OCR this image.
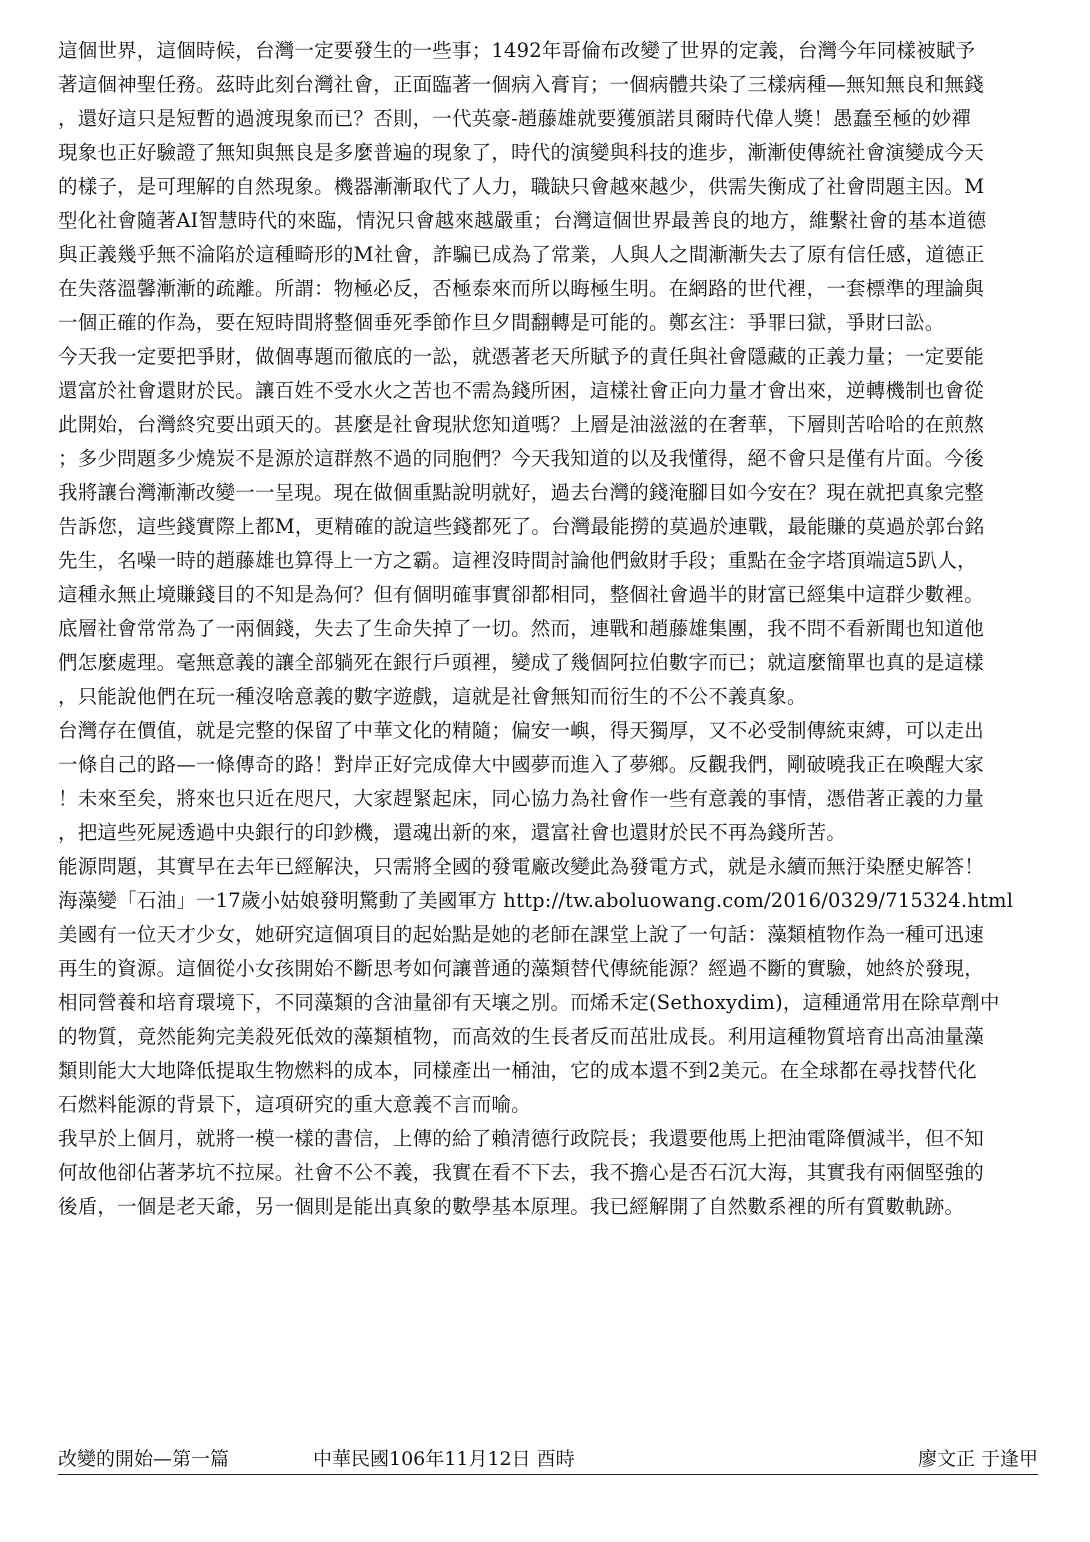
這個世界，這個時候，台灣一定要發生的一些事；1492年哥倫布改變了世界的定義，台灣今年同樣被賦予
著這個神聖任務。茲時此刻台灣社會，正面臨著一個病入膏肓；一個病體共染了三樣病種—無知無良和無錢
，還好這只是短暫的過渡現象而已？否則，一代英豪-趙藤雄就要獲頒諾貝爾時代偉人獎！愚蠢至極的妙禪
現象也正好驗證了無知與無良是多麼普遍的現象了，時代的演變與科技的進步，漸漸使傳統社會演變成今天
的樣子，是可理解的自然現象。機器漸漸取代了人力，職缺只會越來越少，供需失衡成了社會問題主因。M
型化社會隨著AI智慧時代的來臨，情況只會越來越嚴重；台灣這個世界最善良的地方，維繫社會的基本道德
與正義幾乎無不淪陷於這種畸形的M社會，詐騙已成為了常業，人與人之間漸漸失去了原有信任感，道德正
在失落溫馨漸漸的疏離。所謂：物極必反，否極泰來而所以晦極生明。在網路的世代裡，一套標準的理論與
一個正確的作為，要在短時間將整個垂死季節作旦夕間翻轉是可能的。鄭玄注：爭罪曰獄，爭財曰訟。
今天我一定要把爭財，做個專題而徹底的一訟，就憑著老天所賦予的責任與社會隱藏的正義力量；一定要能
還富於社會還財於民。讓百姓不受水火之苦也不需為錢所困，這樣社會正向力量才會出來，逆轉機制也會從
此開始，台灣終究要出頭天的。甚麼是社會現狀您知道嗎？上層是油滋滋的在奢華，下層則苦哈哈的在煎熬
；多少問題多少燒炭不是源於這群熬不過的同胞們？今天我知道的以及我懂得，絕不會只是僅有片面。今後
我將讓台灣漸漸改變一一呈現。現在做個重點說明就好，過去台灣的錢淹腳目如今安在？現在就把真象完整
告訴您，這些錢實際上都M，更精確的說這些錢都死了。台灣最能撈的莫過於連戰，最能賺的莫過於郭台銘
先生，名噪一時的趙藤雄也算得上一方之霸。這裡沒時間討論他們斂財手段；重點在金字塔頂端這5趴人，
這種永無止境賺錢目的不知是為何？但有個明確事實卻都相同，整個社會過半的財富已經集中這群少數裡。
底層社會常常為了一兩個錢，失去了生命失掉了一切。然而，連戰和趙藤雄集團，我不問不看新聞也知道他
們怎麼處理。毫無意義的讓全部躺死在銀行戶頭裡，變成了幾個阿拉伯數字而已；就這麼簡單也真的是這樣
，只能說他們在玩一種沒啥意義的數字遊戲，這就是社會無知而衍生的不公不義真象。
台灣存在價值，就是完整的保留了中華文化的精隨；偏安一嶼，得天獨厚，又不必受制傳統束縛，可以走出
一條自己的路—一條傳奇的路！對岸正好完成偉大中國夢而進入了夢鄉。反觀我們，剛破曉我正在喚醒大家
！未來至矣，將來也只近在咫尺，大家趕緊起床，同心協力為社會作一些有意義的事情，憑借著正義的力量
，把這些死屍透過中央銀行的印鈔機，還魂出新的來，還富社會也還財於民不再為錢所苦。
能源問題，其實早在去年已經解決，只需將全國的發電廠改變此為發電方式，就是永續而無汙染歷史解答！
海藻變「石油」一17歲小姑娘發明驚動了美國軍方 http://tw.aboluowang.com/2016/0329/715324.html
美國有一位天才少女，她研究這個項目的起始點是她的老師在課堂上說了一句話：藻類植物作為一種可迅速
再生的資源。這個從小女孩開始不斷思考如何讓普通的藻類替代傳統能源？經過不斷的實驗，她終於發現，
相同營養和培育環境下，不同藻類的含油量卻有天壤之別。而烯禾定(Sethoxydim)，這種通常用在除草劑中
的物質，竟然能夠完美殺死低效的藻類植物，而高效的生長者反而茁壯成長。利用這種物質培育出高油量藻
類則能大大地降低提取生物燃料的成本，同樣產出一桶油，它的成本還不到2美元。在全球都在尋找替代化
石燃料能源的背景下，這項研究的重大意義不言而喻。
我早於上個月，就將一模一樣的書信，上傳的給了賴清德行政院長；我還要他馬上把油電降價減半，但不知
何故他卻佔著茅坑不拉屎。社會不公不義，我實在看不下去，我不擔心是否石沉大海，其實我有兩個堅強的
後盾，一個是老天爺，另一個則是能出真象的數學基本原理。我已經解開了自然數系裡的所有質數軌跡。
改變的開始—第一篇	中華民國106年11月12日 酉時	廖文正 于逢甲
